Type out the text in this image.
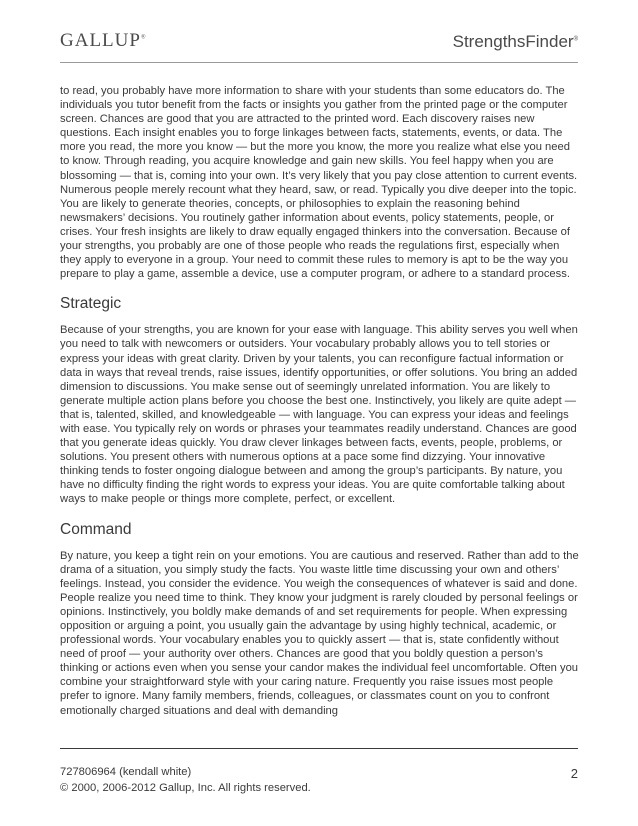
GALLUP®	StrengthsFinder®

to read, you probably have more information to share with your students than some educators do. The individuals you tutor benefit from the facts or insights you gather from the printed page or the computer screen. Chances are good that you are attracted to the printed word. Each discovery raises new questions. Each insight enables you to forge linkages between facts, statements, events, or data. The more you read, the more you know — but the more you know, the more you realize what else you need to know. Through reading, you acquire knowledge and gain new skills. You feel happy when you are blossoming — that is, coming into your own. It’s very likely that you pay close attention to current events. Numerous people merely recount what they heard, saw, or read. Typically you dive deeper into the topic. You are likely to generate theories, concepts, or philosophies to explain the reasoning behind newsmakers’ decisions. You routinely gather information about events, policy statements, people, or crises. Your fresh insights are likely to draw equally engaged thinkers into the conversation. Because of your strengths, you probably are one of those people who reads the regulations first, especially when they apply to everyone in a group. Your need to commit these rules to memory is apt to be the way you prepare to play a game, assemble a device, use a computer program, or adhere to a standard process.

Strategic

Because of your strengths, you are known for your ease with language. This ability serves you well when you need to talk with newcomers or outsiders. Your vocabulary probably allows you to tell stories or express your ideas with great clarity. Driven by your talents, you can reconfigure factual information or data in ways that reveal trends, raise issues, identify opportunities, or offer solutions. You bring an added dimension to discussions. You make sense out of seemingly unrelated information. You are likely to generate multiple action plans before you choose the best one. Instinctively, you likely are quite adept — that is, talented, skilled, and knowledgeable — with language. You can express your ideas and feelings with ease. You typically rely on words or phrases your teammates readily understand. Chances are good that you generate ideas quickly. You draw clever linkages between facts, events, people, problems, or solutions. You present others with numerous options at a pace some find dizzying. Your innovative thinking tends to foster ongoing dialogue between and among the group’s participants. By nature, you have no difficulty finding the right words to express your ideas. You are quite comfortable talking about ways to make people or things more complete, perfect, or excellent.

Command

By nature, you keep a tight rein on your emotions. You are cautious and reserved. Rather than add to the drama of a situation, you simply study the facts. You waste little time discussing your own and others’ feelings. Instead, you consider the evidence. You weigh the consequences of whatever is said and done. People realize you need time to think. They know your judgment is rarely clouded by personal feelings or opinions. Instinctively, you boldly make demands of and set requirements for people. When expressing opposition or arguing a point, you usually gain the advantage by using highly technical, academic, or professional words. Your vocabulary enables you to quickly assert — that is, state confidently without need of proof — your authority over others. Chances are good that you boldly question a person’s thinking or actions even when you sense your candor makes the individual feel uncomfortable. Often you combine your straightforward style with your caring nature. Frequently you raise issues most people prefer to ignore. Many family members, friends, colleagues, or classmates count on you to confront emotionally charged situations and deal with demanding

727806964 (kendall white)
© 2000, 2006-2012 Gallup, Inc. All rights reserved.
2
